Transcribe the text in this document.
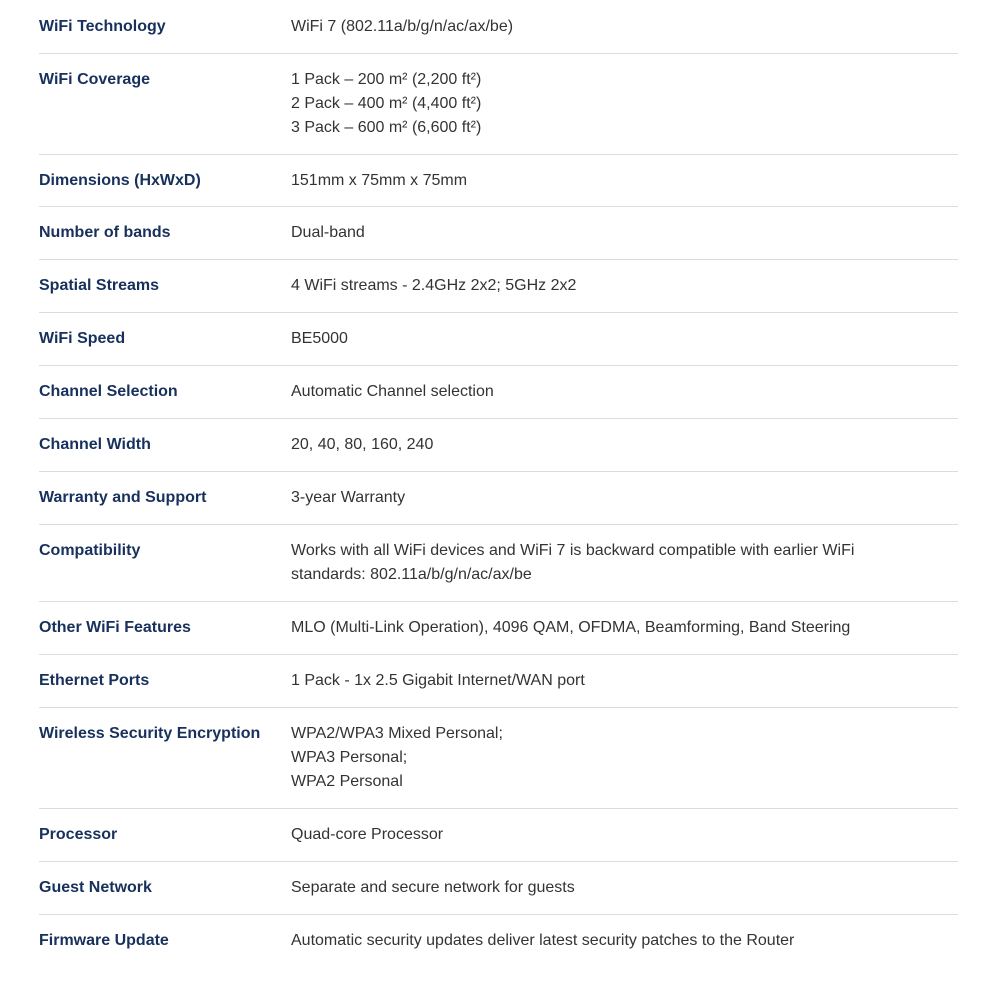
WiFi Technology	WiFi 7 (802.11a/b/g/n/ac/ax/be)
WiFi Coverage	1 Pack – 200 m² (2,200 ft²)
2 Pack – 400 m² (4,400 ft²)
3 Pack – 600 m² (6,600 ft²)
Dimensions (HxWxD)	151mm x 75mm x 75mm
Number of bands	Dual-band
Spatial Streams	4 WiFi streams - 2.4GHz 2x2; 5GHz 2x2
WiFi Speed	BE5000
Channel Selection	Automatic Channel selection
Channel Width	20, 40, 80, 160, 240
Warranty and Support	3-year Warranty
Compatibility	Works with all WiFi devices and WiFi 7 is backward compatible with earlier WiFi
standards: 802.11a/b/g/n/ac/ax/be
Other WiFi Features	MLO (Multi-Link Operation), 4096 QAM, OFDMA, Beamforming, Band Steering
Ethernet Ports	1 Pack - 1x 2.5 Gigabit Internet/WAN port
Wireless Security Encryption	WPA2/WPA3 Mixed Personal;
WPA3 Personal;
WPA2 Personal
Processor	Quad-core Processor
Guest Network	Separate and secure network for guests
Firmware Update	Automatic security updates deliver latest security patches to the Router
